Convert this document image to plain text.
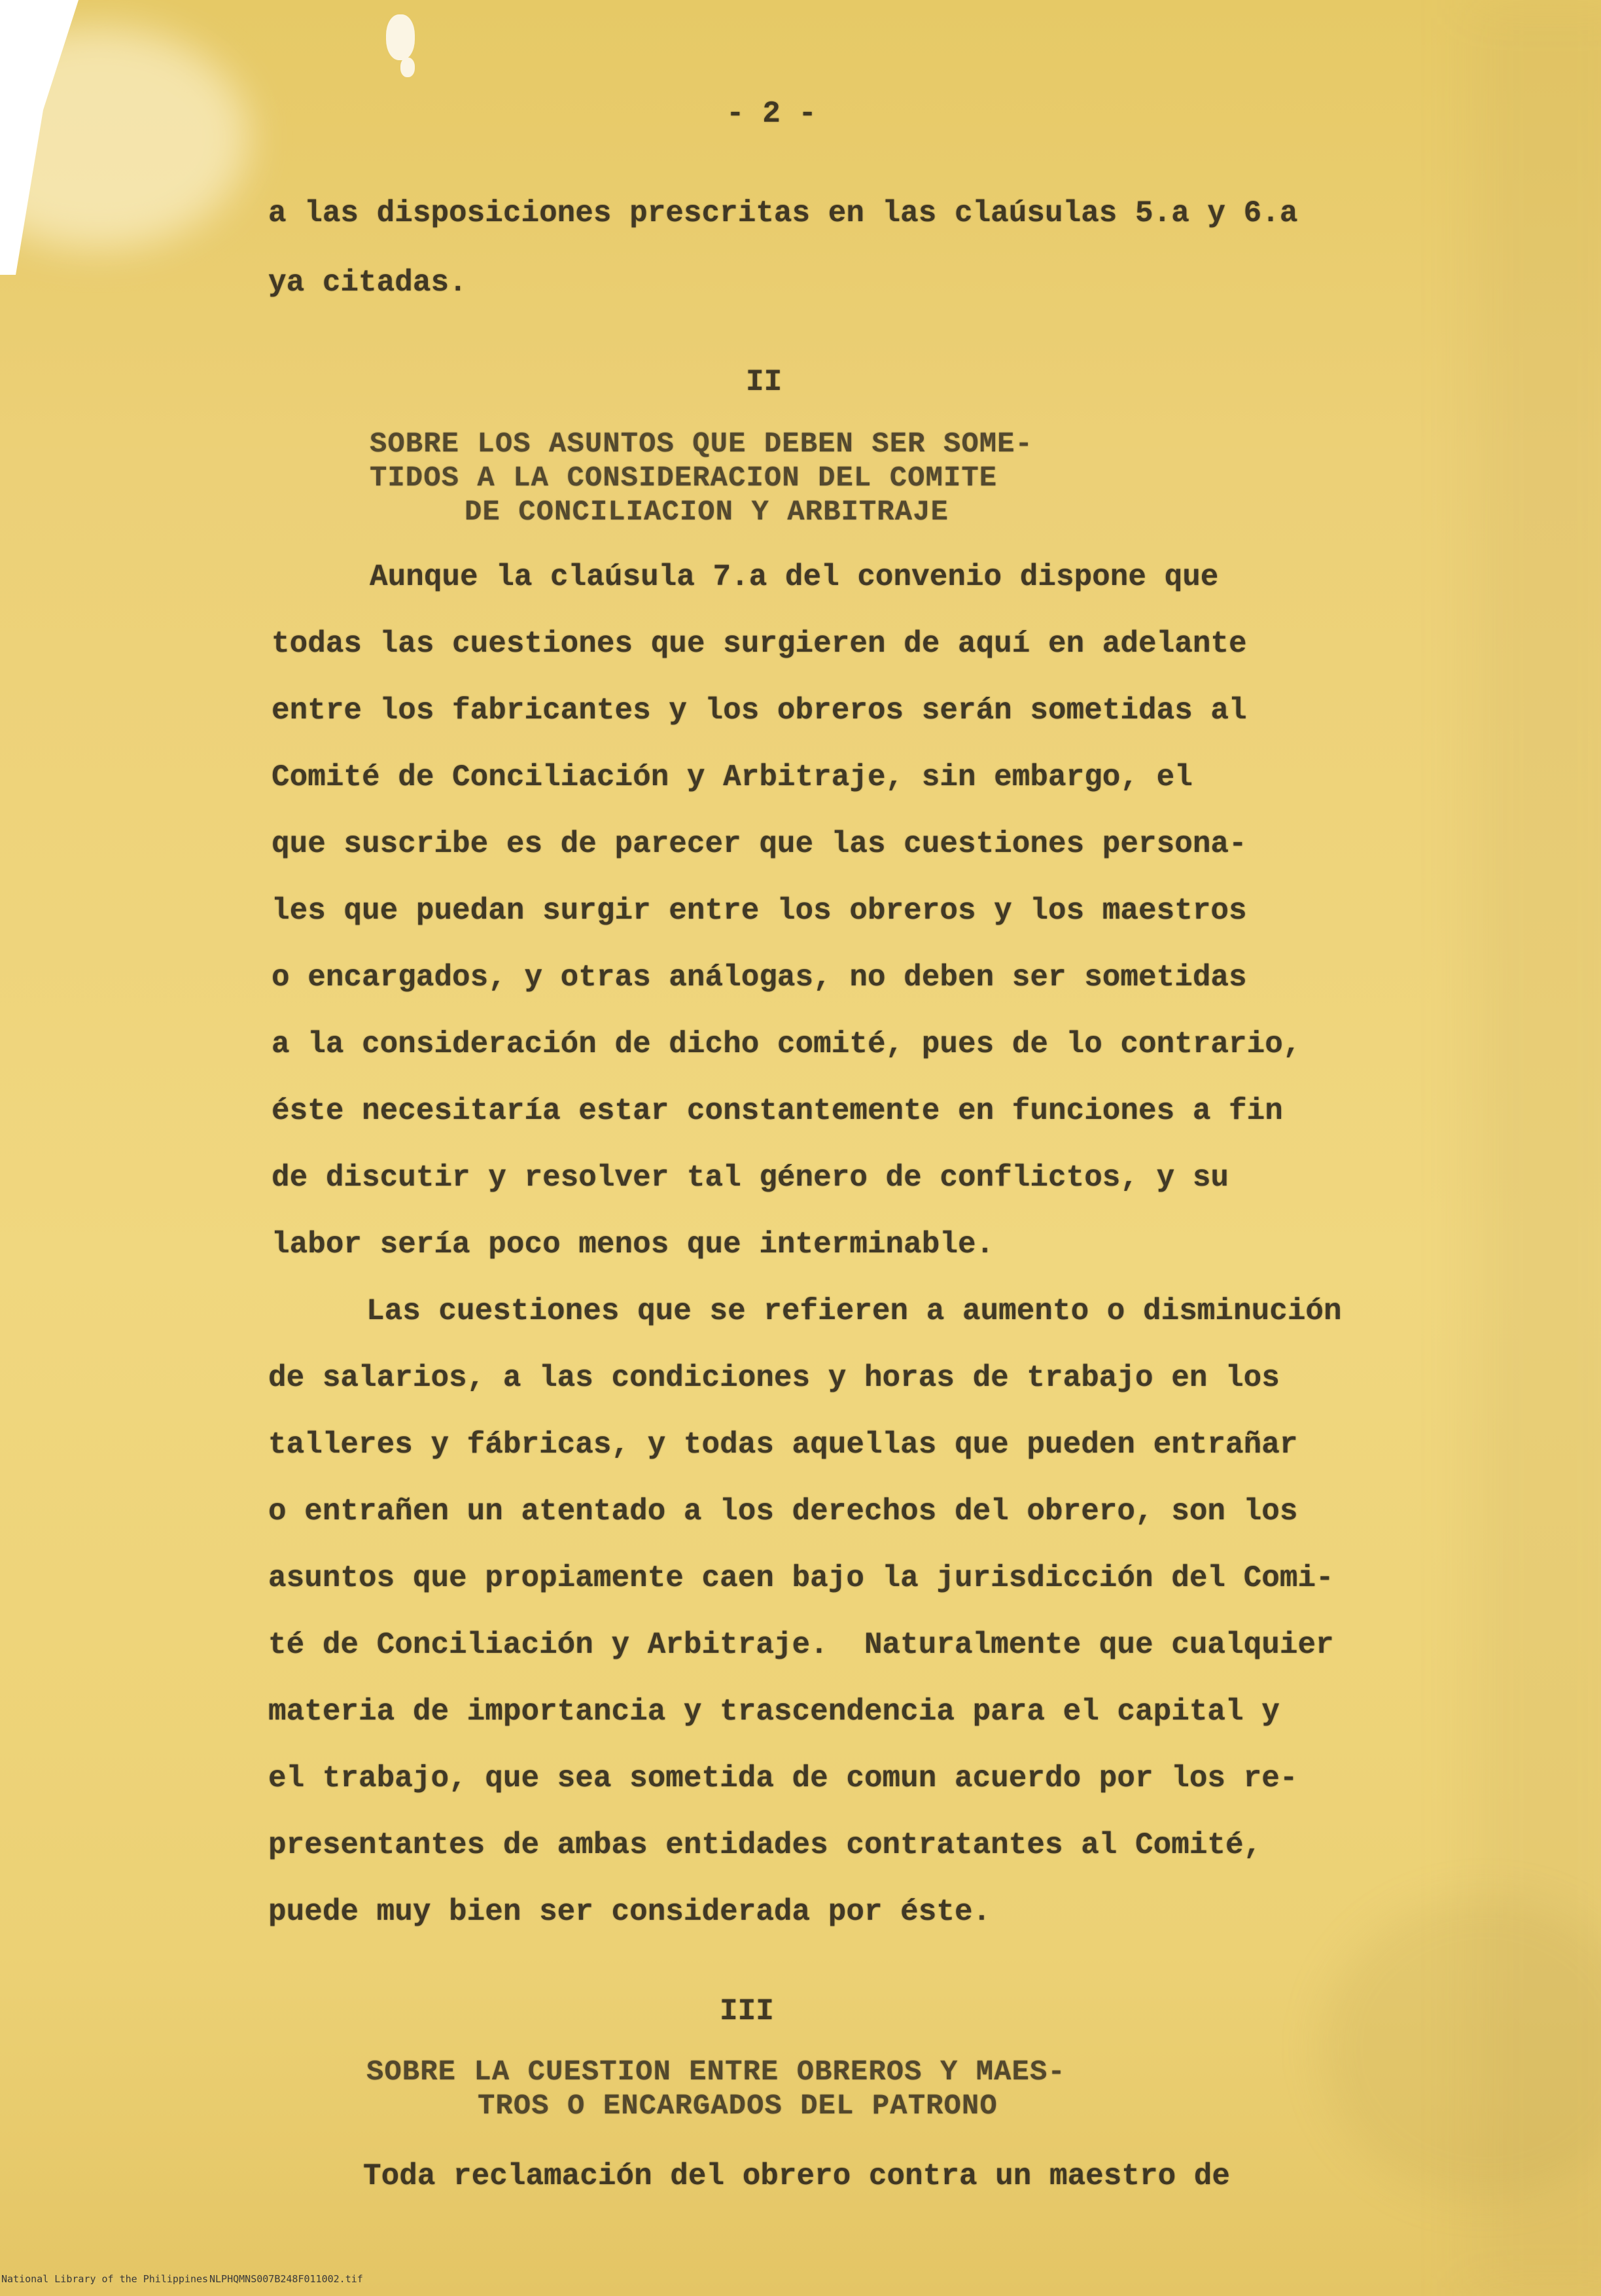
- 2 -
a las disposiciones prescritas en las claúsulas 5.a y 6.a
ya citadas.
II
SOBRE LOS ASUNTOS QUE DEBEN SER SOME-
TIDOS A LA CONSIDERACION DEL COMITE
DE CONCILIACION Y ARBITRAJE
Aunque la claúsula 7.a del convenio dispone que
todas las cuestiones que surgieren de aquí en adelante
entre los fabricantes y los obreros serán sometidas al
Comité de Conciliación y Arbitraje, sin embargo, el
que suscribe es de parecer que las cuestiones persona-
les que puedan surgir entre los obreros y los maestros
o encargados, y otras análogas, no deben ser sometidas
a la consideración de dicho comité, pues de lo contrario,
éste necesitaría estar constantemente en funciones a fin
de discutir y resolver tal género de conflictos, y su
labor sería poco menos que interminable.
Las cuestiones que se refieren a aumento o disminución
de salarios, a las condiciones y horas de trabajo en los
talleres y fábricas, y todas aquellas que pueden entrañar
o entrañen un atentado a los derechos del obrero, son los
asuntos que propiamente caen bajo la jurisdicción del Comi-
té de Conciliación y Arbitraje.  Naturalmente que cualquier
materia de importancia y trascendencia para el capital y
el trabajo, que sea sometida de comun acuerdo por los re-
presentantes de ambas entidades contratantes al Comité,
puede muy bien ser considerada por éste.
III
SOBRE LA CUESTION ENTRE OBREROS Y MAES-
TROS O ENCARGADOS DEL PATRONO
Toda reclamación del obrero contra un maestro de
National Library of the Philippines NLPHQMNS007B248F011002.tif
